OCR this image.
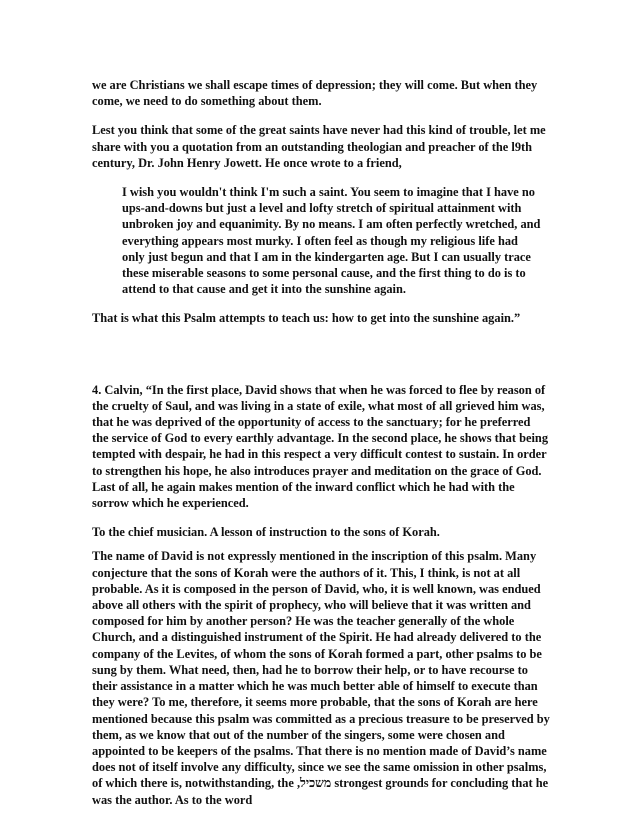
we are Christians we shall escape times of depression; they will come. But when they come, we need to do something about them.

Lest you think that some of the great saints have never had this kind of trouble, let me share with you a quotation from an outstanding theologian and preacher of the l9th century, Dr. John Henry Jowett. He once wrote to a friend,

I wish you wouldn't think I'm such a saint. You seem to imagine that I have no ups-and-downs but just a level and lofty stretch of spiritual attainment with unbroken joy and equanimity. By no means. I am often perfectly wretched, and everything appears most murky. I often feel as though my religious life had only just begun and that I am in the kindergarten age. But I can usually trace these miserable seasons to some personal cause, and the first thing to do is to attend to that cause and get it into the sunshine again.

That is what this Psalm attempts to teach us: how to get into the sunshine again.”

4. Calvin, “In the first place, David shows that when he was forced to flee by reason of the cruelty of Saul, and was living in a state of exile, what most of all grieved him was, that he was deprived of the opportunity of access to the sanctuary; for he preferred the service of God to every earthly advantage. In the second place, he shows that being tempted with despair, he had in this respect a very difficult contest to sustain. In order to strengthen his hope, he also introduces prayer and meditation on the grace of God. Last of all, he again makes mention of the inward conflict which he had with the sorrow which he experienced.

To the chief musician. A lesson of instruction to the sons of Korah.

The name of David is not expressly mentioned in the inscription of this psalm. Many conjecture that the sons of Korah were the authors of it. This, I think, is not at all probable. As it is composed in the person of David, who, it is well known, was endued above all others with the spirit of prophecy, who will believe that it was written and composed for him by another person? He was the teacher generally of the whole Church, and a distinguished instrument of the Spirit. He had already delivered to the company of the Levites, of whom the sons of Korah formed a part, other psalms to be sung by them. What need, then, had he to borrow their help, or to have recourse to their assistance in a matter which he was much better able of himself to execute than they were? To me, therefore, it seems more probable, that the sons of Korah are here mentioned because this psalm was committed as a precious treasure to be preserved by them, as we know that out of the number of the singers, some were chosen and appointed to be keepers of the psalms. That there is no mention made of David’s name does not of itself involve any difficulty, since we see the same omission in other psalms, of which there is, notwithstanding, the ,משכיל strongest grounds for concluding that he was the author. As to the word
